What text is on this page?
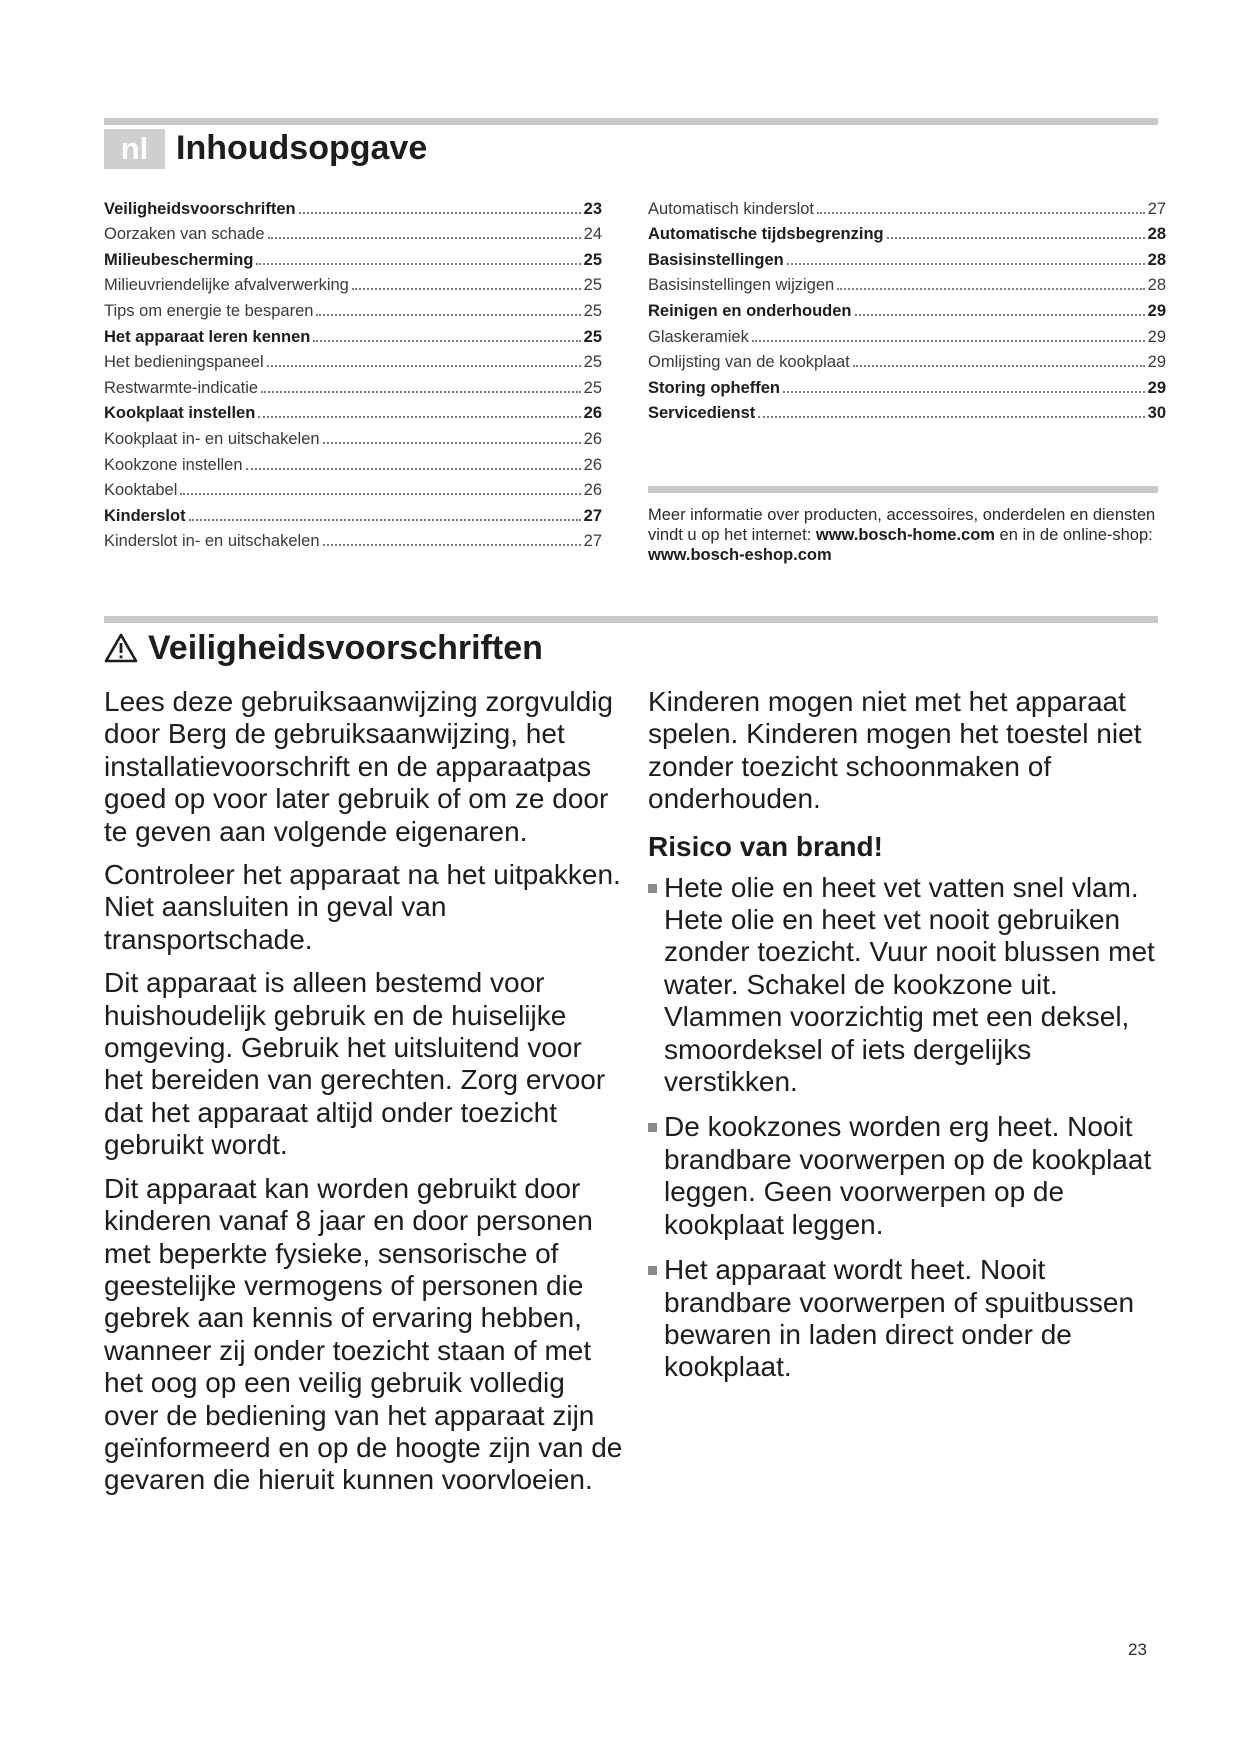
nl Inhoudsopgave
Veiligheidsvoorschriften	23
Oorzaken van schade	24
Milieubescherming	25
Milieuvriendelijke afvalverwerking	25
Tips om energie te besparen	25
Het apparaat leren kennen	25
Het bedieningspaneel	25
Restwarmte-indicatie	25
Kookplaat instellen	26
Kookplaat in- en uitschakelen	26
Kookzone instellen	26
Kooktabel	26
Kinderslot	27
Kinderslot in- en uitschakelen	27
Automatisch kinderslot	27
Automatische tijdsbegrenzing	28
Basisinstellingen	28
Basisinstellingen wijzigen	28
Reinigen en onderhouden	29
Glaskeramiek	29
Omlijsting van de kookplaat	29
Storing opheffen	29
Servicedienst	30
Meer informatie over producten, accessoires, onderdelen en diensten vindt u op het internet: www.bosch-home.com en in de online-shop: www.bosch-eshop.com
Veiligheidsvoorschriften

Lees deze gebruiksaanwijzing zorgvuldig door Berg de gebruiksaanwijzing, het installatievoorschrift en de apparaatpas goed op voor later gebruik of om ze door te geven aan volgende eigenaren.

Controleer het apparaat na het uitpakken. Niet aansluiten in geval van transportschade.

Dit apparaat is alleen bestemd voor huishoudelijk gebruik en de huiselijke omgeving. Gebruik het uitsluitend voor het bereiden van gerechten. Zorg ervoor dat het apparaat altijd onder toezicht gebruikt wordt.

Dit apparaat kan worden gebruikt door kinderen vanaf 8 jaar en door personen met beperkte fysieke, sensorische of geestelijke vermogens of personen die gebrek aan kennis of ervaring hebben, wanneer zij onder toezicht staan of met het oog op een veilig gebruik volledig over de bediening van het apparaat zijn geïnformeerd en op de hoogte zijn van de gevaren die hieruit kunnen voorvloeien.

Kinderen mogen niet met het apparaat spelen. Kinderen mogen het toestel niet zonder toezicht schoonmaken of onderhouden.

Risico van brand!
Hete olie en heet vet vatten snel vlam. Hete olie en heet vet nooit gebruiken zonder toezicht. Vuur nooit blussen met water. Schakel de kookzone uit. Vlammen voorzichtig met een deksel, smoordeksel of iets dergelijks verstikken.
De kookzones worden erg heet. Nooit brandbare voorwerpen op de kookplaat leggen. Geen voorwerpen op de kookplaat leggen.
Het apparaat wordt heet. Nooit brandbare voorwerpen of spuitbussen bewaren in laden direct onder de kookplaat.
23
